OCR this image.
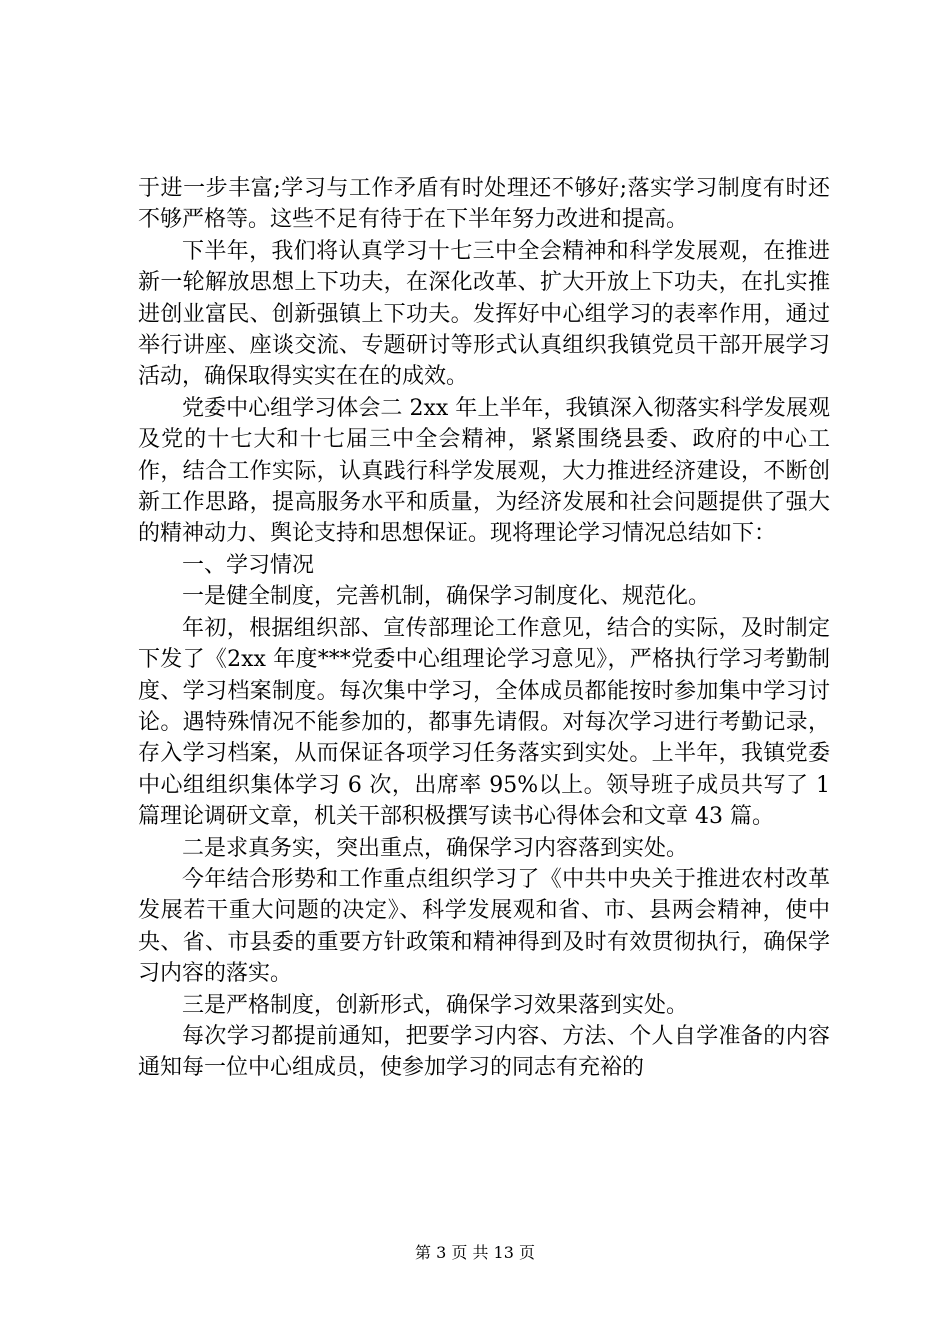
于进一步丰富;学习与工作矛盾有时处理还不够好;落实学习制度有时还不够严格等。这些不足有待于在下半年努力改进和提高。

下半年，我们将认真学习十七三中全会精神和科学发展观，在推进新一轮解放思想上下功夫，在深化改革、扩大开放上下功夫，在扎实推进创业富民、创新强镇上下功夫。发挥好中心组学习的表率作用，通过举行讲座、座谈交流、专题研讨等形式认真组织我镇党员干部开展学习活动，确保取得实实在在的成效。

党委中心组学习体会二 2xx 年上半年，我镇深入彻落实科学发展观及党的十七大和十七届三中全会精神，紧紧围绕县委、政府的中心工作，结合工作实际，认真践行科学发展观，大力推进经济建设，不断创新工作思路，提高服务水平和质量，为经济发展和社会问题提供了强大的精神动力、舆论支持和思想保证。现将理论学习情况总结如下：

一、学习情况

一是健全制度，完善机制，确保学习制度化、规范化。

年初，根据组织部、宣传部理论工作意见，结合的实际，及时制定下发了《2xx 年度***党委中心组理论学习意见》，严格执行学习考勤制度、学习档案制度。每次集中学习，全体成员都能按时参加集中学习讨论。遇特殊情况不能参加的，都事先请假。对每次学习进行考勤记录，存入学习档案，从而保证各项学习任务落实到实处。上半年，我镇党委中心组组织集体学习 6 次，出席率 95%以上。领导班子成员共写了 1 篇理论调研文章，机关干部积极撰写读书心得体会和文章 43 篇。

二是求真务实，突出重点，确保学习内容落到实处。

今年结合形势和工作重点组织学习了《中共中央关于推进农村改革发展若干重大问题的决定》、科学发展观和省、市、县两会精神，使中央、省、市县委的重要方针政策和精神得到及时有效贯彻执行，确保学习内容的落实。

三是严格制度，创新形式，确保学习效果落到实处。

每次学习都提前通知，把要学习内容、方法、个人自学准备的内容通知每一位中心组成员，使参加学习的同志有充裕的

第 3 页 共 13 页
